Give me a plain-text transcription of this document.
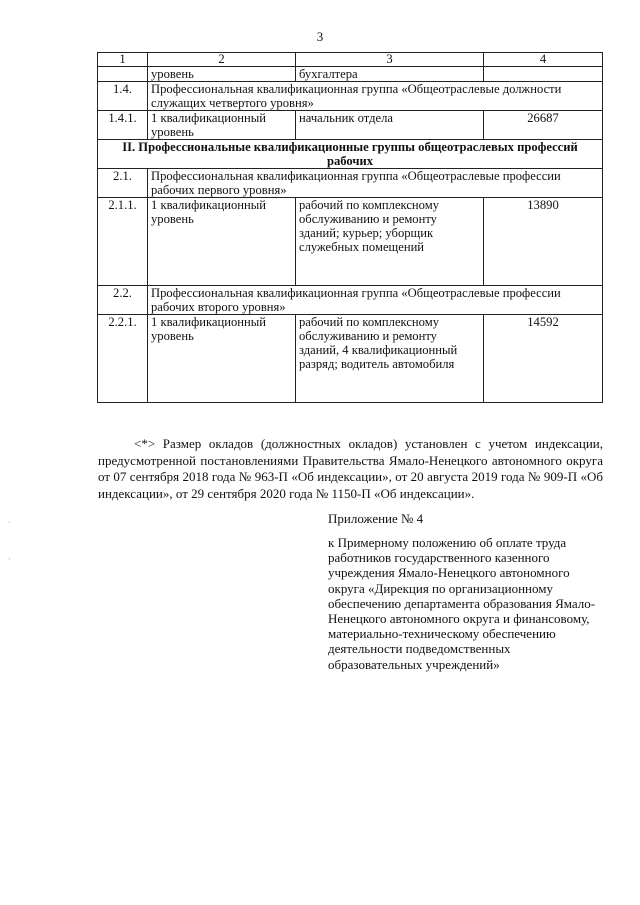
3
1	2	3	4
	уровень	бухгалтера	
1.4.	Профессиональная квалификационная группа «Общеотраслевые должности служащих четвертого уровня»		
1.4.1.	1 квалификационный уровень	начальник отдела	26687
II. Профессиональные квалификационные группы общеотраслевых профессий рабочих			
2.1.	Профессиональная квалификационная группа «Общеотраслевые профессии рабочих первого уровня»		
2.1.1.	1 квалификационный уровень	рабочий по комплексному обслуживанию и ремонту зданий; курьер; уборщик служебных помещений	13890
2.2.	Профессиональная квалификационная группа «Общеотраслевые профессии рабочих второго уровня»		
2.2.1.	1 квалификационный уровень	рабочий по комплексному обслуживанию и ремонту зданий, 4 квалификационный разряд; водитель автомобиля	14592

<*> Размер окладов (должностных окладов) установлен с учетом индексации, предусмотренной постановлениями Правительства Ямало-Ненецкого автономного округа от 07 сентября 2018 года № 963-П «Об индексации», от 20 августа 2019 года № 909-П «Об индексации», от 29 сентября 2020 года № 1150-П «Об индексации».

Приложение № 4
к Примерному положению об оплате труда работников государственного казенного учреждения Ямало-Ненецкого автономного округа «Дирекция по организационному обеспечению департамента образования Ямало-Ненецкого автономного округа и финансовому, материально-техническому обеспечению деятельности подведомственных образовательных учреждений»
·
·
